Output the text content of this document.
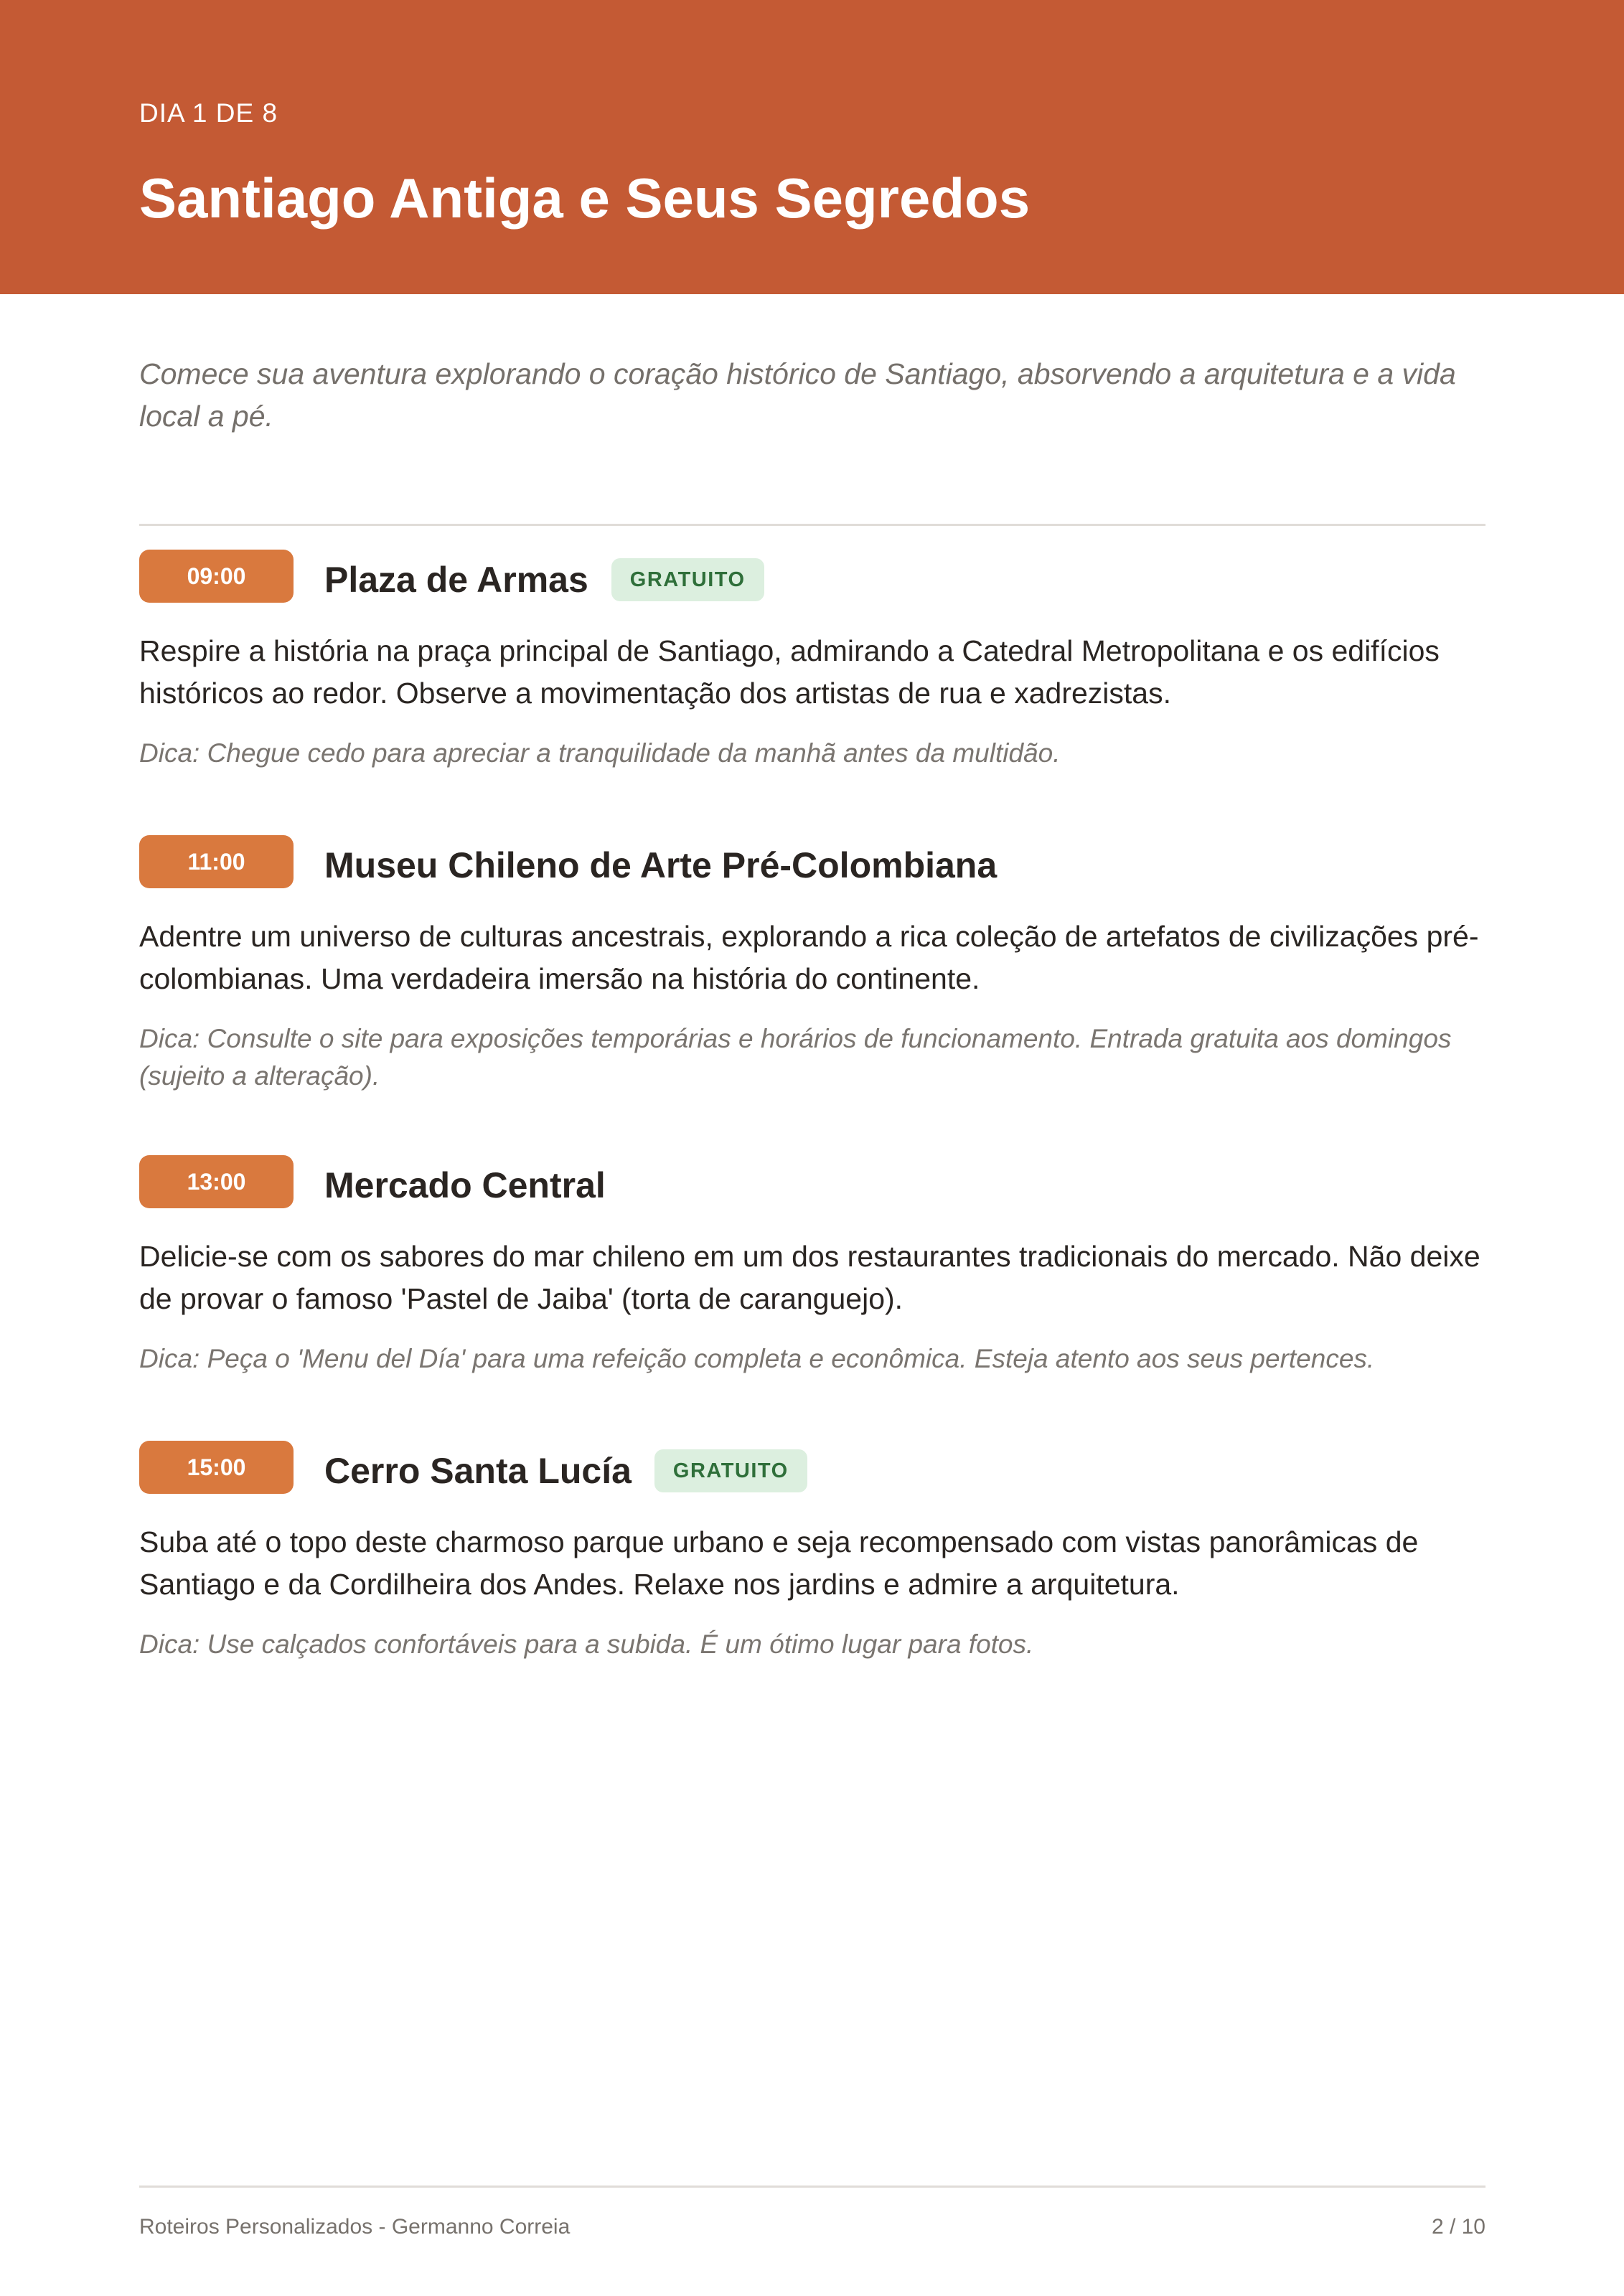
DIA 1 DE 8
Santiago Antiga e Seus Segredos

Comece sua aventura explorando o coração histórico de Santiago, absorvendo a arquitetura e a vida local a pé.

09:00	Plaza de Armas	GRATUITO

Respire a história na praça principal de Santiago, admirando a Catedral Metropolitana e os edifícios históricos ao redor. Observe a movimentação dos artistas de rua e xadrezistas.

Dica: Chegue cedo para apreciar a tranquilidade da manhã antes da multidão.

11:00	Museu Chileno de Arte Pré-Colombiana

Adentre um universo de culturas ancestrais, explorando a rica coleção de artefatos de civilizações pré-colombianas. Uma verdadeira imersão na história do continente.

Dica: Consulte o site para exposições temporárias e horários de funcionamento. Entrada gratuita aos domingos (sujeito a alteração).

13:00	Mercado Central

Delicie-se com os sabores do mar chileno em um dos restaurantes tradicionais do mercado. Não deixe de provar o famoso 'Pastel de Jaiba' (torta de caranguejo).

Dica: Peça o 'Menu del Día' para uma refeição completa e econômica. Esteja atento aos seus pertences.

15:00	Cerro Santa Lucía	GRATUITO

Suba até o topo deste charmoso parque urbano e seja recompensado com vistas panorâmicas de Santiago e da Cordilheira dos Andes. Relaxe nos jardins e admire a arquitetura.

Dica: Use calçados confortáveis para a subida. É um ótimo lugar para fotos.

Roteiros Personalizados - Germanno Correia	2 / 10
